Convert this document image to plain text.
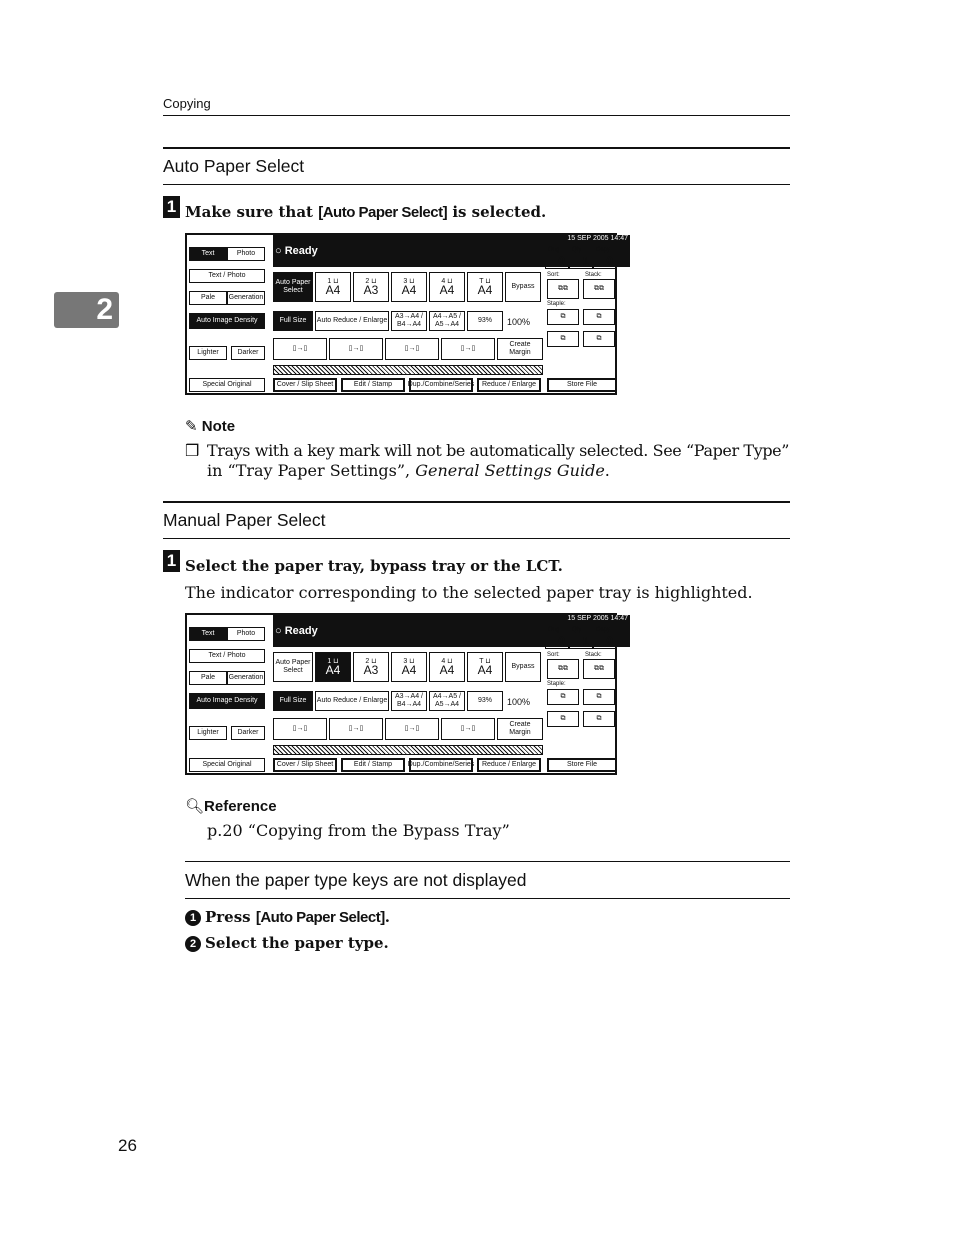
Copying
2
Auto Paper Select
1 Make sure that [Auto Paper Select] is selected.
○ Ready
15 SEP 2005 14:47
Text	Photo
Text / Photo
Pale	Generation
Auto Image Density
Lighter	Darker
Special Original
Auto Paper Select
1 ⊔
A4
2 ⊔
A3
3 ⊔
A4
4 ⊔
A4
T ⊔
A4	Bypass
Full Size	Auto Reduce / Enlarge
A3→A4 / B4→A4
A4→A5 / A5→A4
93%	100%
▯→▯	▯→▯	▯→▯	▯→▯
Create Margin
Cover / Slip Sheet	Edit / Stamp	Dup./Combine/Series	Reduce / Enlarge
Orig
0
Qty
1
Copy
0
Sort:	Stack:
⧉⧉	⧉⧉
Staple:
⧉	⧉
⧉	⧉
Store File
✎ Note
❒ Trays with a key mark will not be automatically selected. See “Paper Type”
in “Tray Paper Settings”, General Settings Guide.
Manual Paper Select
1 Select the paper tray, bypass tray or the LCT.
The indicator corresponding to the selected paper tray is highlighted.
○ Ready
15 SEP 2005 14:47
Text	Photo
Text / Photo
Pale	Generation
Auto Image Density
Lighter	Darker
Special Original
Auto Paper Select
1 ⊔
A4
2 ⊔
A3
3 ⊔
A4
4 ⊔
A4
T ⊔
A4	Bypass
Full Size	Auto Reduce / Enlarge
A3→A4 / B4→A4
A4→A5 / A5→A4
93%	100%
▯→▯	▯→▯	▯→▯	▯→▯
Create Margin
Cover / Slip Sheet	Edit / Stamp	Dup./Combine/Series	Reduce / Enlarge
Orig
0
Qty
1
Copy
0
Sort:	Stack:
⧉⧉	⧉⧉
Staple:
⧉	⧉
⧉	⧉
Store File
🔍︎Reference
p.20 “Copying from the Bypass Tray”
When the paper type keys are not displayed
1 Press [Auto Paper Select].
2 Select the paper type.
26
